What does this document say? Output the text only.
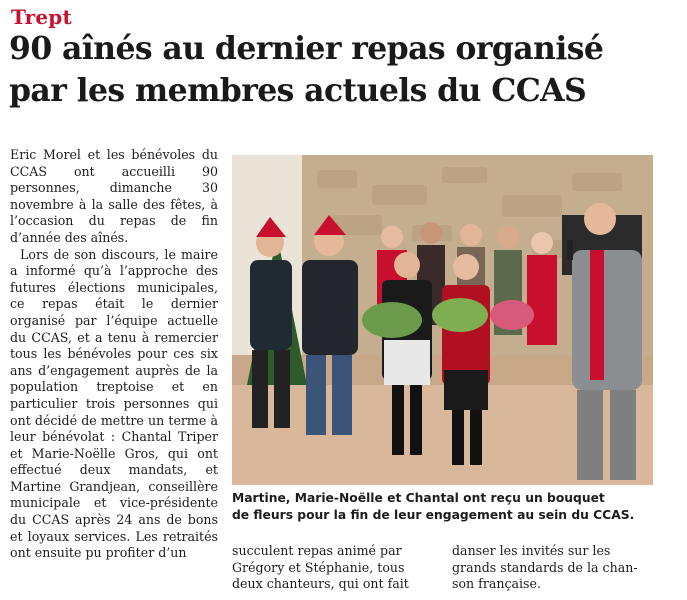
Trept
90 aînés au dernier repas organisé
par les membres actuels du CCAS

Eric Morel et les bénévoles du CCAS ont accueilli 90 personnes, dimanche 30 novembre à la salle des fêtes, à l’occasion du repas de fin d’année des aînés.

Lors de son discours, le maire a informé qu’à l’approche des futures élections municipales, ce repas était le dernier organisé par l’équipe actuelle du CCAS, et a tenu à remercier tous les bénévoles pour ces six ans d’engagement auprès de la population treptoise et en particulier trois personnes qui ont décidé de mettre un terme à leur bénévolat : Chantal Triper et Marie-Noëlle Gros, qui ont effectué deux mandats, et Martine Grandjean, conseillère municipale et vice-présidente du CCAS après 24 ans de bons et loyaux services. Les retraités ont ensuite pu profiter d’un

Martine, Marie-Noëlle et Chantal ont reçu un bouquet
de fleurs pour la fin de leur engagement au sein du CCAS.
succulent repas animé par
Grégory et Stéphanie, tous
deux chanteurs, qui ont fait
danser les invités sur les
grands standards de la chan-
son française.
